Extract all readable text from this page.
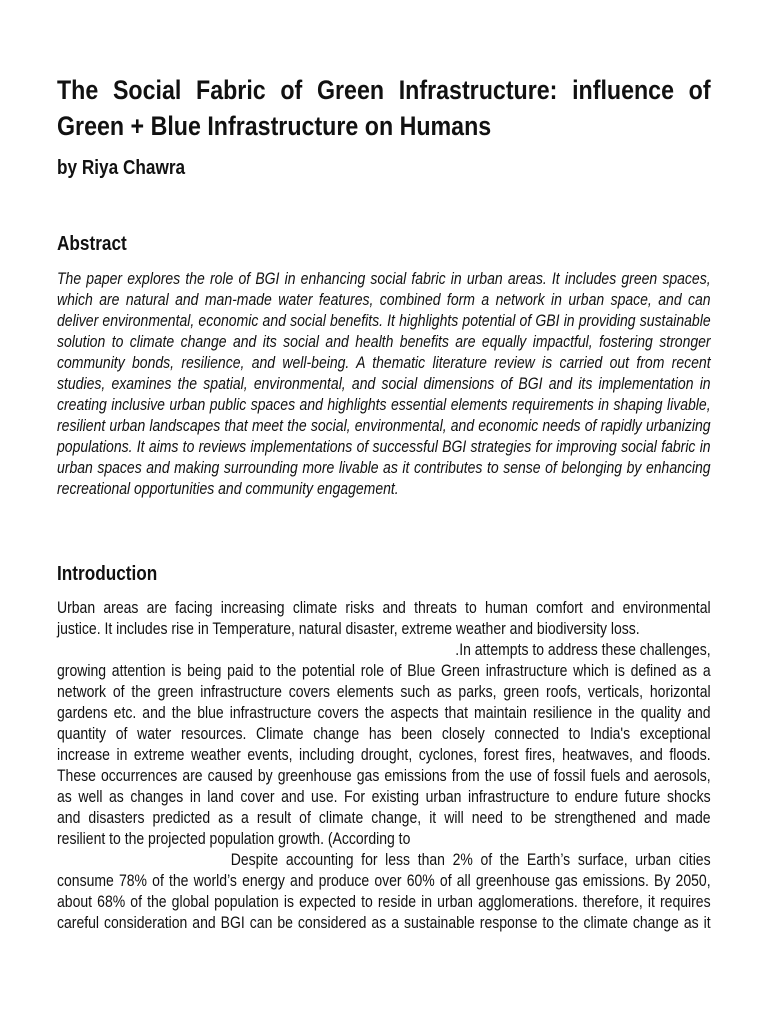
The Social Fabric of Green Infrastructure: influence of Green + Blue Infrastructure on Humans
by Riya Chawra
Abstract

The paper explores the role of BGI in enhancing social fabric in urban areas. It includes green spaces, which are natural and man-made water features, combined form a network in urban space, and can deliver environmental, economic and social benefits. It highlights potential of GBI in providing sustainable solution to climate change and its social and health benefits are equally impactful, fostering stronger community bonds, resilience, and well-being. A thematic literature review is carried out from recent studies, examines the spatial, environmental, and social dimensions of BGI and its implementation in creating inclusive urban public spaces and highlights essential elements requirements in shaping livable, resilient urban landscapes that meet the social, environmental, and economic needs of rapidly urbanizing populations. It aims to reviews implementations of successful BGI strategies for improving social fabric in urban spaces and making surrounding more livable as it contributes to sense of belonging by enhancing recreational opportunities and community engagement.

Introduction
Urban areas are facing increasing climate risks and threats to human comfort and environmental
justice. It includes rise in Temperature, natural disaster, extreme weather and biodiversity loss.
.In attempts to address these challenges,
growing attention is being paid to the potential role of Blue Green infrastructure which is defined as a
network of the green infrastructure covers elements such as parks, green roofs, verticals, horizontal
gardens etc. and the blue infrastructure covers the aspects that maintain resilience in the quality and
quantity of water resources. Climate change has been closely connected to India's exceptional
increase in extreme weather events, including drought, cyclones, forest fires, heatwaves, and floods.
These occurrences are caused by greenhouse gas emissions from the use of fossil fuels and aerosols,
as well as changes in land cover and use. For existing urban infrastructure to endure future shocks
and disasters predicted as a result of climate change, it will need to be strengthened and made
resilient to the projected population growth. (According to
Despite accounting for less than 2% of the Earth’s surface, urban cities
consume 78% of the world’s energy and produce over 60% of all greenhouse gas emissions. By 2050,
about 68% of the global population is expected to reside in urban agglomerations. therefore, it requires
careful consideration and BGI can be considered as a sustainable response to the climate change as it
